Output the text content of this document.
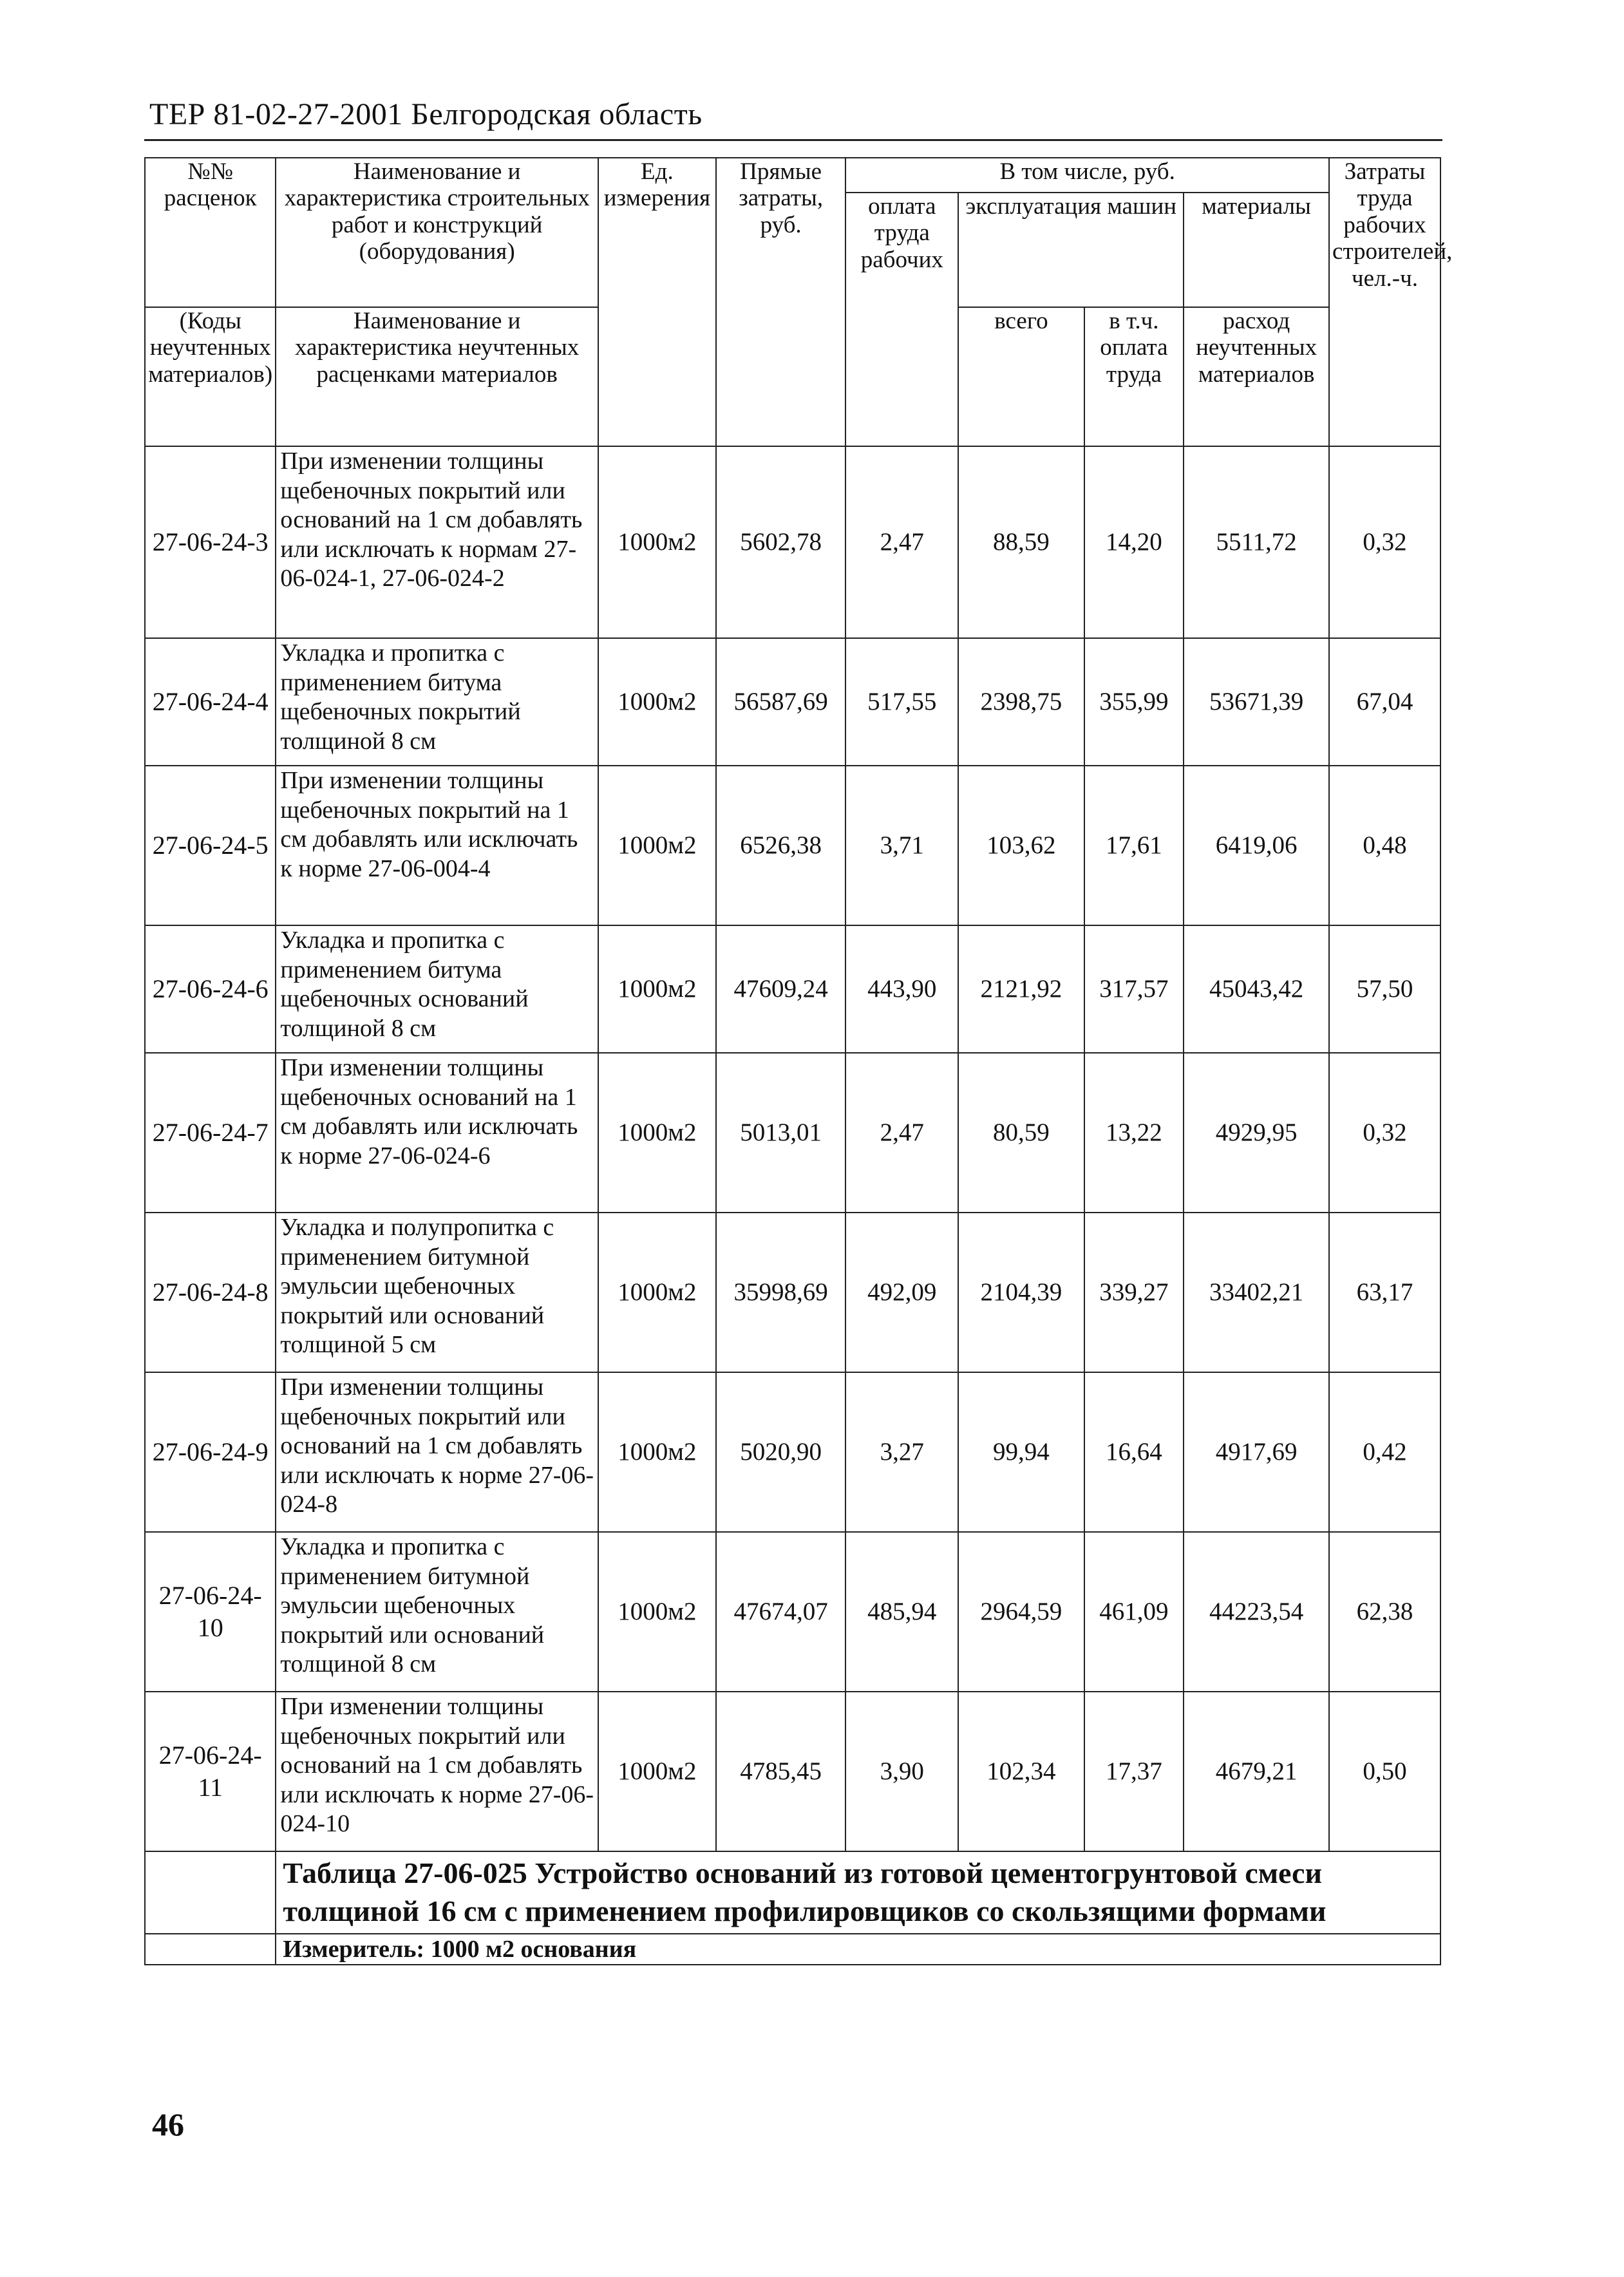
ТЕР 81-02-27-2001 Белгородская область
№№ расценок	Наименование и характеристика строительных работ и конструкций (оборудования)	Ед. измерения	Прямые затраты, руб.	В том числе, руб.				Затраты труда рабочих строителей, чел.-ч.
				оплата труда рабочих	эксплуатация машин		материалы	
(Коды неучтенных материалов)	Наименование и характеристика неучтенных расценками материалов				всего	в т.ч. оплата труда	расход неучтенных материалов	
27-06-24-3	При изменении толщины щебеночных покрытий или оснований на 1 см добавлять или исключать к нормам 27-06-024-1, 27-06-024-2	1000м2	5602,78	2,47	88,59	14,20	5511,72	0,32
27-06-24-4	Укладка и пропитка с применением битума щебеночных покрытий толщиной 8 см	1000м2	56587,69	517,55	2398,75	355,99	53671,39	67,04
27-06-24-5	При изменении толщины щебеночных покрытий на 1 см добавлять или исключать к норме 27-06-004-4	1000м2	6526,38	3,71	103,62	17,61	6419,06	0,48
27-06-24-6	Укладка и пропитка с применением битума щебеночных оснований толщиной 8 см	1000м2	47609,24	443,90	2121,92	317,57	45043,42	57,50
27-06-24-7	При изменении толщины щебеночных оснований на 1 см добавлять или исключать к норме 27-06-024-6	1000м2	5013,01	2,47	80,59	13,22	4929,95	0,32
27-06-24-8	Укладка и полупропитка с применением битумной эмульсии щебеночных покрытий или оснований толщиной 5 см	1000м2	35998,69	492,09	2104,39	339,27	33402,21	63,17
27-06-24-9	При изменении толщины щебеночных покрытий или оснований на 1 см добавлять или исключать к норме 27-06-024-8	1000м2	5020,90	3,27	99,94	16,64	4917,69	0,42
27-06-24-10	Укладка и пропитка с применением битумной эмульсии щебеночных покрытий или оснований толщиной 8 см	1000м2	47674,07	485,94	2964,59	461,09	44223,54	62,38
27-06-24-11	При изменении толщины щебеночных покрытий или оснований на 1 см добавлять или исключать к норме 27-06-024-10	1000м2	4785,45	3,90	102,34	17,37	4679,21	0,50
	Таблица 27-06-025 Устройство оснований из готовой цементогрунтовой смеси толщиной 16 см с применением профилировщиков со скользящими формами							
	Измеритель: 1000 м2 основания							
46
